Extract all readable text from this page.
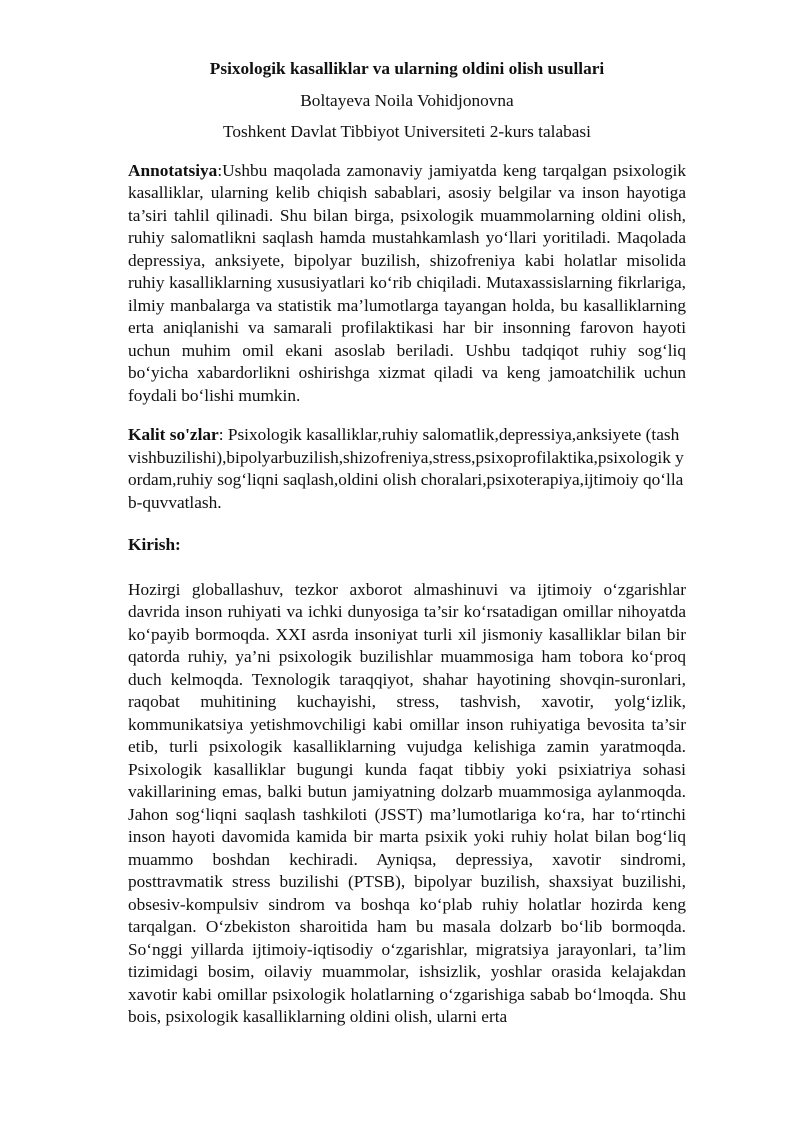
Psixologik kasalliklar va ularning oldini olish usullari
Boltayeva Noila Vohidjonovna
Toshkent Davlat Tibbiyot Universiteti 2-kurs talabasi

Annotatsiya:Ushbu maqolada zamonaviy jamiyatda keng tarqalgan psixologik kasalliklar, ularning kelib chiqish sabablari, asosiy belgilar va inson hayotiga ta’siri tahlil qilinadi. Shu bilan birga, psixologik muammolarning oldini olish, ruhiy salomatlikni saqlash hamda mustahkamlash yo‘llari yoritiladi. Maqolada depressiya, anksiyete, bipolyar buzilish, shizofreniya kabi holatlar misolida ruhiy kasalliklarning xususiyatlari ko‘rib chiqiladi. Mutaxassislarning fikrlariga, ilmiy manbalarga va statistik ma’lumotlarga tayangan holda, bu kasalliklarning erta aniqlanishi va samarali profilaktikasi har bir insonning farovon hayoti uchun muhim omil ekani asoslab beriladi. Ushbu tadqiqot ruhiy sog‘liq bo‘yicha xabardorlikni oshirishga xizmat qiladi va keng jamoatchilik uchun foydali bo‘lishi mumkin.

Kalit so'zlar: Psixologik kasalliklar,ruhiy salomatlik,depressiya,anksiyete (tashvishbuzilishi),bipolyarbuzilish,shizofreniya,stress,psixoprofilaktika,psixologik yordam,ruhiy sog‘liqni saqlash,oldini olish choralari,psixoterapiya,ijtimoiy qo‘llab-quvvatlash.

Kirish:

Hozirgi globallashuv, tezkor axborot almashinuvi va ijtimoiy o‘zgarishlar davrida inson ruhiyati va ichki dunyosiga ta’sir ko‘rsatadigan omillar nihoyatda ko‘payib bormoqda. XXI asrda insoniyat turli xil jismoniy kasalliklar bilan bir qatorda ruhiy, ya’ni psixologik buzilishlar muammosiga ham tobora ko‘proq duch kelmoqda. Texnologik taraqqiyot, shahar hayotining shovqin-suronlari, raqobat muhitining kuchayishi, stress, tashvish, xavotir, yolg‘izlik, kommunikatsiya yetishmovchiligi kabi omillar inson ruhiyatiga bevosita ta’sir etib, turli psixologik kasalliklarning vujudga kelishiga zamin yaratmoqda. Psixologik kasalliklar bugungi kunda faqat tibbiy yoki psixiatriya sohasi vakillarining emas, balki butun jamiyatning dolzarb muammosiga aylanmoqda. Jahon sog‘liqni saqlash tashkiloti (JSST) ma’lumotlariga ko‘ra, har to‘rtinchi inson hayoti davomida kamida bir marta psixik yoki ruhiy holat bilan bog‘liq muammo boshdan kechiradi. Ayniqsa, depressiya, xavotir sindromi, posttravmatik stress buzilishi (PTSB), bipolyar buzilish, shaxsiyat buzilishi, obsesiv-kompulsiv sindrom va boshqa ko‘plab ruhiy holatlar hozirda keng tarqalgan. O‘zbekiston sharoitida ham bu masala dolzarb bo‘lib bormoqda. So‘nggi yillarda ijtimoiy-iqtisodiy o‘zgarishlar, migratsiya jarayonlari, ta’lim tizimidagi bosim, oilaviy muammolar, ishsizlik, yoshlar orasida kelajakdan xavotir kabi omillar psixologik holatlarning o‘zgarishiga sabab bo‘lmoqda. Shu bois, psixologik kasalliklarning oldini olish, ularni erta
